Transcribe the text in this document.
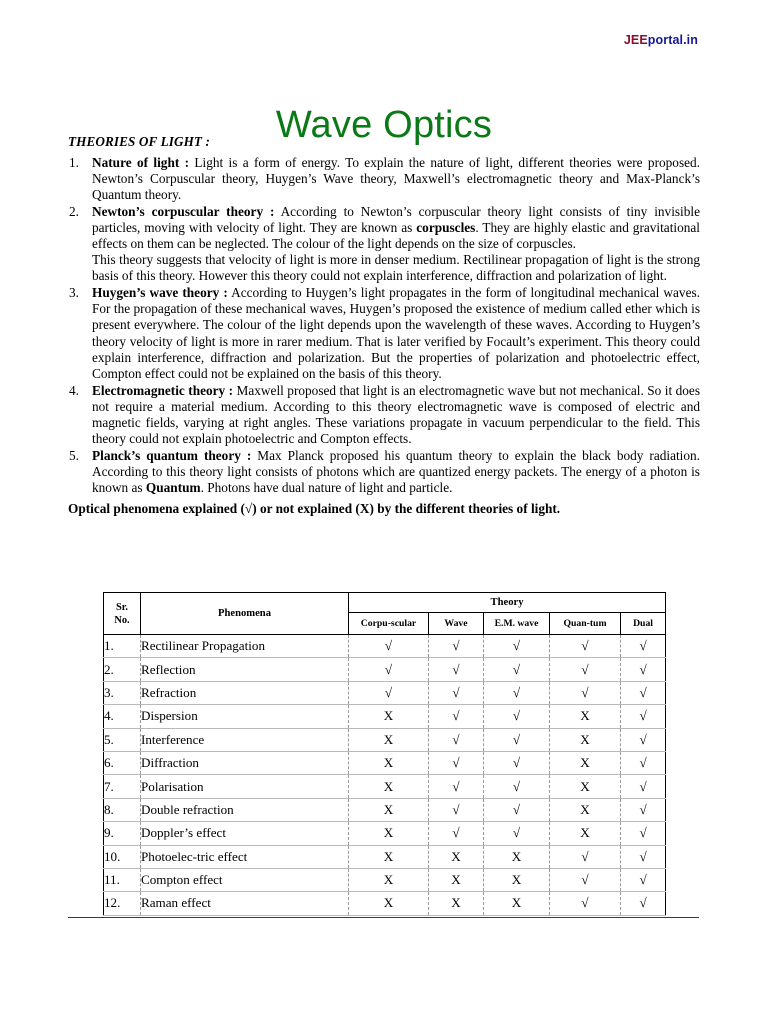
JEEportal.in
Wave Optics
THEORIES OF LIGHT :
1. Nature of light : Light is a form of energy. To explain the nature of light, different theories were proposed. Newton’s Corpuscular theory, Huygen’s Wave theory, Maxwell’s electromagnetic theory and Max-Planck’s Quantum theory.

2. Newton’s corpuscular theory : According to Newton’s corpuscular theory light consists of tiny invisible particles, moving with velocity of light. They are known as corpuscles. They are highly elastic and gravitational effects on them can be neglected. The colour of the light depends on the size of corpuscles.

This theory suggests that velocity of light is more in denser medium. Rectilinear propagation of light is the strong basis of this theory. However this theory could not explain interference, diffraction and polarization of light.

3. Huygen’s wave theory : According to Huygen’s light propagates in the form of longitudinal mechanical waves. For the propagation of these mechanical waves, Huygen’s proposed the existence of medium called ether which is present everywhere. The colour of the light depends upon the wavelength of these waves. According to Huygen’s theory velocity of light is more in rarer medium. That is later verified by Focault’s experiment. This theory could explain interference, diffraction and polarization. But the properties of polarization and photoelectric effect, Compton effect could not be explained on the basis of this theory.

4. Electromagnetic theory : Maxwell proposed that light is an electromagnetic wave but not mechanical. So it does not require a material medium. According to this theory electromagnetic wave is composed of electric and magnetic fields, varying at right angles. These variations propagate in vacuum perpendicular to the field. This theory could not explain photoelectric and Compton effects.

5. Planck’s quantum theory : Max Planck proposed his quantum theory to explain the black body radiation. According to this theory light consists of photons which are quantized energy packets. The energy of a photon is known as Quantum. Photons have dual nature of light and particle.

Optical phenomena explained (√) or not explained (X) by the different theories of light.
Sr.
No.	Phenomena	Theory				
		Corpu-scular	Wave	E.M. wave	Quan-tum	Dual
1.	Rectilinear Propagation	√	√	√	√	√
2.	Reflection	√	√	√	√	√
3.	Refraction	√	√	√	√	√
4.	Dispersion	X	√	√	X	√
5.	Interference	X	√	√	X	√
6.	Diffraction	X	√	√	X	√
7.	Polarisation	X	√	√	X	√
8.	Double refraction	X	√	√	X	√
9.	Doppler’s effect	X	√	√	X	√
10.	Photoelec-tric effect	X	X	X	√	√
11.	Compton effect	X	X	X	√	√
12.	Raman effect	X	X	X	√	√
